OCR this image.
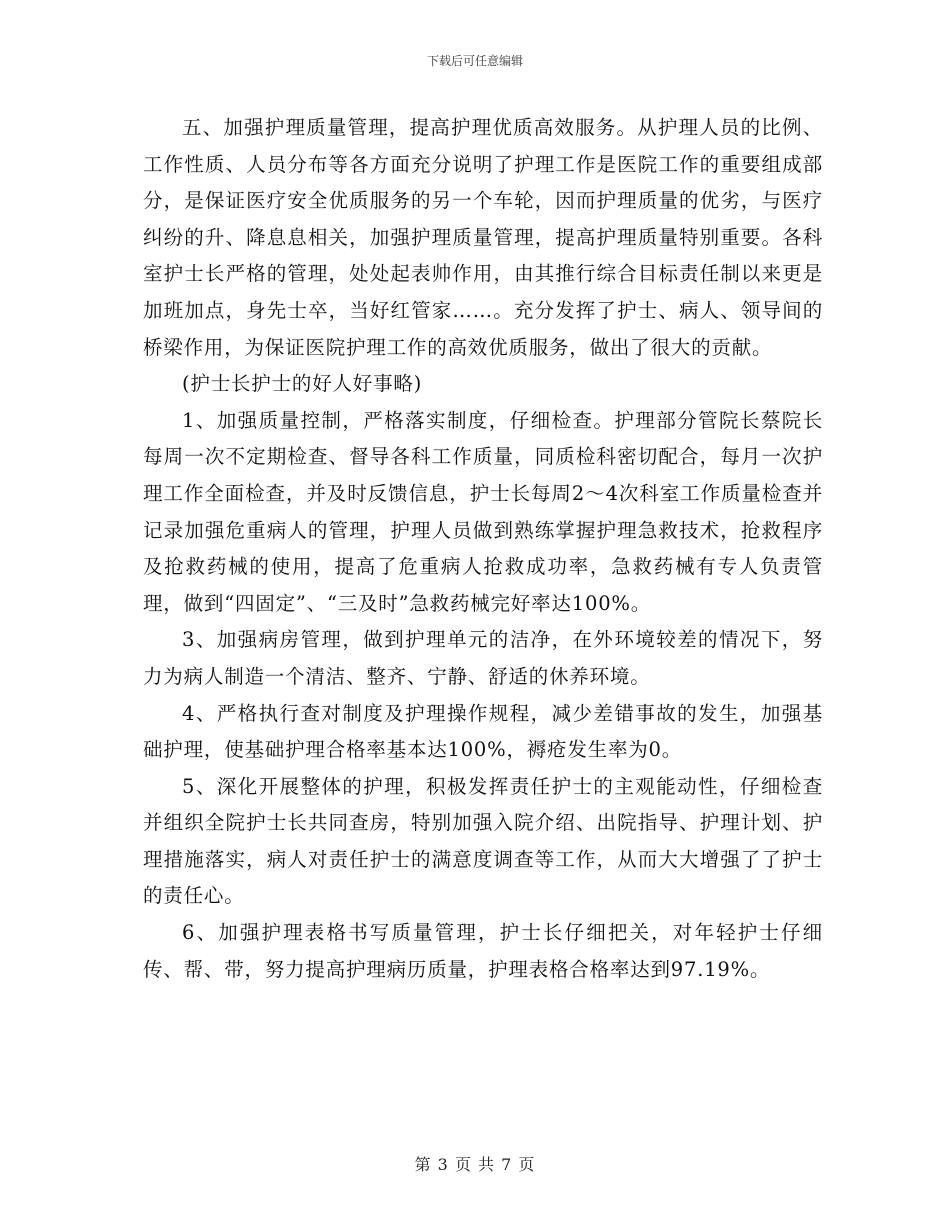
下载后可任意编辑

五、加强护理质量管理，提高护理优质高效服务。从护理人员的比例、工作性质、人员分布等各方面充分说明了护理工作是医院工作的重要组成部分，是保证医疗安全优质服务的另一个车轮，因而护理质量的优劣，与医疗纠纷的升、降息息相关，加强护理质量管理，提高护理质量特别重要。各科室护士长严格的管理，处处起表帅作用，由其推行综合目标责任制以来更是加班加点，身先士卒，当好红管家……。充分发挥了护士、病人、领导间的桥梁作用，为保证医院护理工作的高效优质服务，做出了很大的贡献。

(护士长护士的好人好事略)

1、加强质量控制，严格落实制度，仔细检查。护理部分管院长蔡院长每周一次不定期检查、督导各科工作质量，同质检科密切配合，每月一次护理工作全面检查，并及时反馈信息，护士长每周2～4次科室工作质量检查并记录加强危重病人的管理，护理人员做到熟练掌握护理急救技术，抢救程序及抢救药械的使用，提高了危重病人抢救成功率，急救药械有专人负责管理，做到“四固定”、“三及时”急救药械完好率达100%。

3、加强病房管理，做到护理单元的洁净，在外环境较差的情况下，努力为病人制造一个清洁、整齐、宁静、舒适的休养环境。

4、严格执行查对制度及护理操作规程，减少差错事故的发生，加强基础护理，使基础护理合格率基本达100%，褥疮发生率为0。

5、深化开展整体的护理，积极发挥责任护士的主观能动性，仔细检查并组织全院护士长共同查房，特别加强入院介绍、出院指导、护理计划、护理措施落实，病人对责任护士的满意度调查等工作，从而大大增强了了护士的责任心。

6、加强护理表格书写质量管理，护士长仔细把关，对年轻护士仔细传、帮、带，努力提高护理病历质量，护理表格合格率达到97.19%。

第 3 页 共 7 页
